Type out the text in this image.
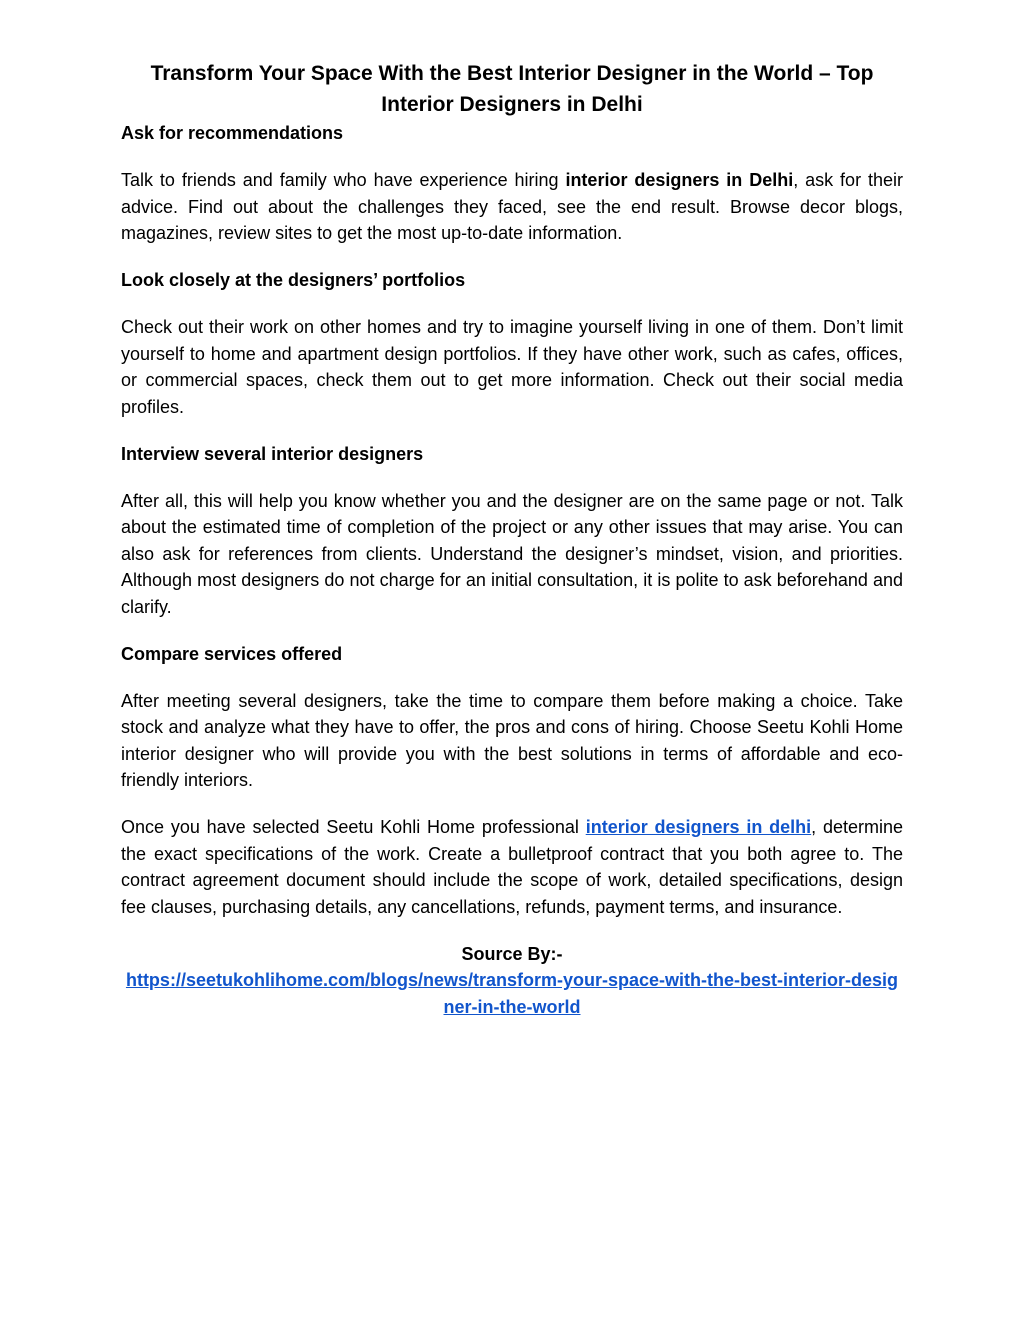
Transform Your Space With the Best Interior Designer in the World – Top Interior Designers in Delhi
Ask for recommendations

Talk to friends and family who have experience hiring interior designers in Delhi, ask for their advice. Find out about the challenges they faced, see the end result. Browse decor blogs, magazines, review sites to get the most up-to-date information.

Look closely at the designers’ portfolios

Check out their work on other homes and try to imagine yourself living in one of them. Don’t limit yourself to home and apartment design portfolios. If they have other work, such as cafes, offices, or commercial spaces, check them out to get more information. Check out their social media profiles.

Interview several interior designers

After all, this will help you know whether you and the designer are on the same page or not. Talk about the estimated time of completion of the project or any other issues that may arise. You can also ask for references from clients. Understand the designer’s mindset, vision, and priorities. Although most designers do not charge for an initial consultation, it is polite to ask beforehand and clarify.

Compare services offered

After meeting several designers, take the time to compare them before making a choice. Take stock and analyze what they have to offer, the pros and cons of hiring. Choose Seetu Kohli Home interior designer who will provide you with the best solutions in terms of affordable and eco-friendly interiors.

Once you have selected Seetu Kohli Home professional interior designers in delhi, determine the exact specifications of the work. Create a bulletproof contract that you both agree to. The contract agreement document should include the scope of work, detailed specifications, design fee clauses, purchasing details, any cancellations, refunds, payment terms, and insurance.

Source By:-
https://seetukohlihome.com/blogs/news/transform-your-space-with-the-best-interior-designer-in-the-world
